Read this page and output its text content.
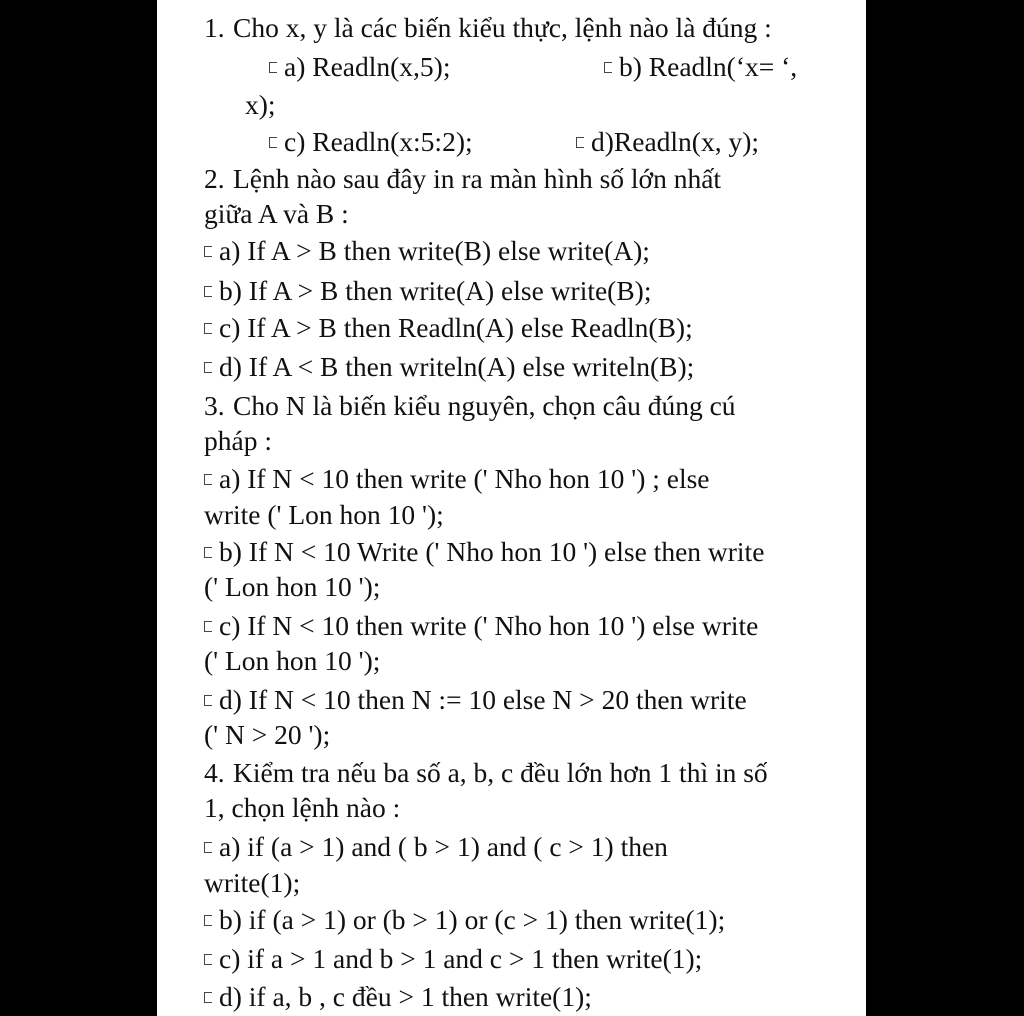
1. Cho x, y là các biến kiểu thực, lệnh nào là đúng :
a) Readln(x,5);	b) Readln(‘x= ‘,
x);
c) Readln(x:5:2);	d)Readln(x, y);
2. Lệnh nào sau đây in ra màn hình số lớn nhất
giữa A và B :
a) If A > B then write(B) else write(A);
b) If A > B then write(A) else write(B);
c) If A > B then Readln(A) else Readln(B);
d) If A < B then writeln(A) else writeln(B);
3. Cho N là biến kiểu nguyên, chọn câu đúng cú
pháp :
a) If N < 10 then write (' Nho hon 10 ') ; else
write (' Lon hon 10 ');
b) If N < 10 Write (' Nho hon 10 ') else then write
(' Lon hon 10 ');
c) If N < 10 then write (' Nho hon 10 ') else write
(' Lon hon 10 ');
d) If N < 10 then N := 10 else N > 20 then write
(' N > 20 ');
4. Kiểm tra nếu ba số a, b, c đều lớn hơn 1 thì in số
1, chọn lệnh nào :
a) if (a > 1) and ( b > 1) and ( c > 1) then
write(1);
b) if (a > 1) or (b > 1) or (c > 1) then write(1);
c) if a > 1 and b > 1 and c > 1 then write(1);
d) if a, b , c đều > 1 then write(1);
